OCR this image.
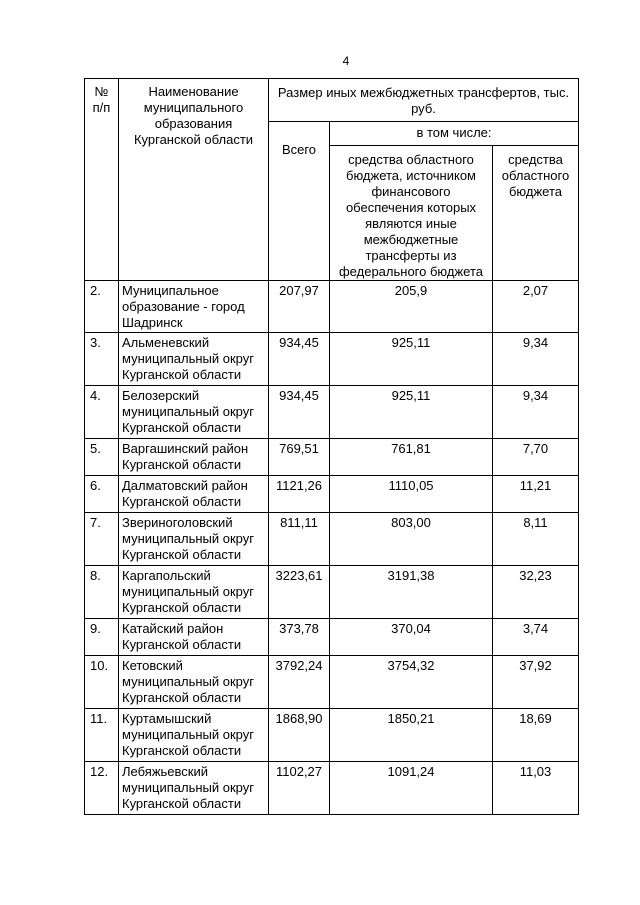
4
№
п/п	Наименование муниципального образования Курганской области	Размер иных межбюджетных трансфертов, тыс. руб.		
		Всего	в том числе:	
			средства областного бюджета, источником финансового обеспечения которых являются иные межбюджетные трансферты из федерального бюджета	средства областного бюджета
2.	Муниципальное образование - город Шадринск	207,97	205,9	2,07
3.	Альменевский муниципальный округ Курганской области	934,45	925,11	9,34
4.	Белозерский муниципальный округ Курганской области	934,45	925,11	9,34
5.	Варгашинский район Курганской области	769,51	761,81	7,70
6.	Далматовский район Курганской области	1121,26	1110,05	11,21
7.	Звериноголовский муниципальный округ Курганской области	811,11	803,00	8,11
8.	Каргапольский муниципальный округ Курганской области	3223,61	3191,38	32,23
9.	Катайский район Курганской области	373,78	370,04	3,74
10.	Кетовский муниципальный округ Курганской области	3792,24	3754,32	37,92
11.	Куртамышский муниципальный округ Курганской области	1868,90	1850,21	18,69
12.	Лебяжьевский муниципальный округ Курганской области	1102,27	1091,24	11,03
